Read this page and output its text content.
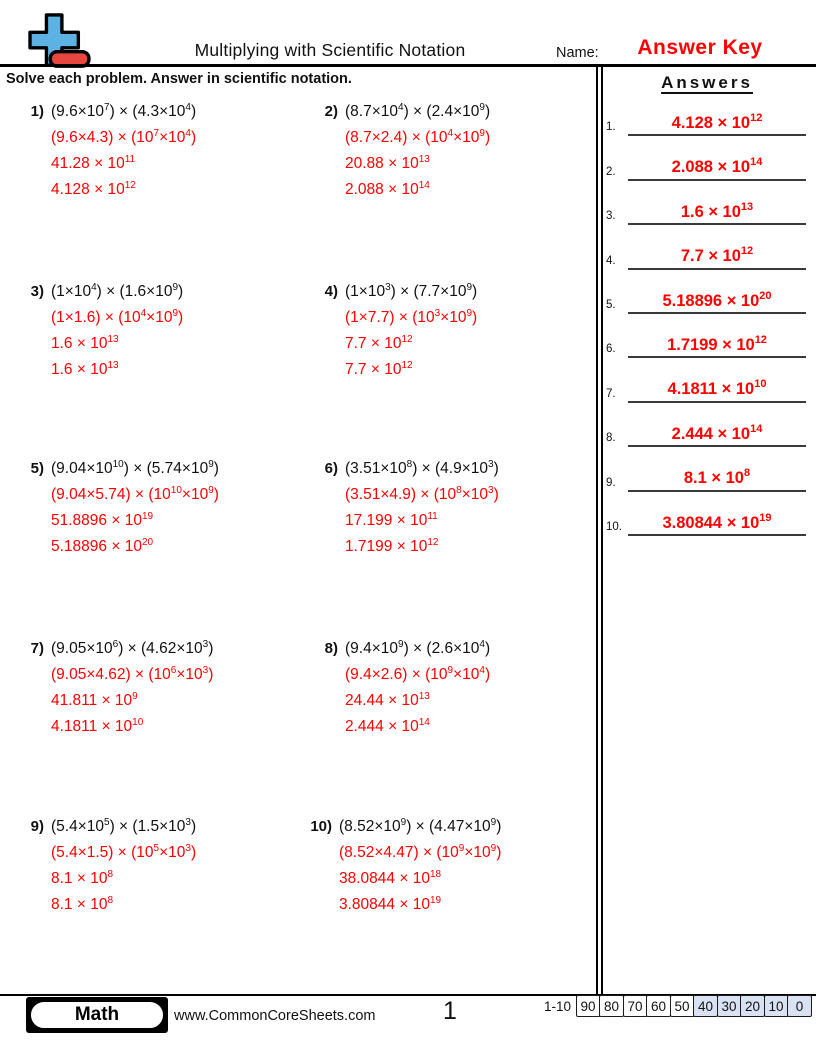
Multiplying with Scientific Notation	Name:	Answer Key
Solve each problem. Answer in scientific notation.	Answers
1.	$4.128 \times 10^{12}$
2.	$2.088 \times 10^{14}$
3.	$1.6 \times 10^{13}$
4.	$7.7 \times 10^{12}$
5.	$5.18896 \times 10^{20}$
6.	$1.7199 \times 10^{12}$
7.	$4.1811 \times 10^{10}$
8.	$2.444 \times 10^{14}$
9.	$8.1 \times 10^8$
10.	$3.80844 \times 10^{19}$
1) $(9.6\times 10^7) \times (4.3\times 10^4)$
$(9.6\times 4.3) \times (10^7\times 10^4)$
$41.28 \times 10^{11}$
$4.128 \times 10^{12}$
2) $(8.7\times 10^4) \times (2.4\times 10^9)$
$(8.7\times 2.4) \times (10^4\times 10^9)$
$20.88 \times 10^{13}$
$2.088 \times 10^{14}$
3) $(1\times 10^4) \times (1.6\times 10^9)$
$(1\times 1.6) \times (10^4\times 10^9)$
$1.6 \times 10^{13}$
$1.6 \times 10^{13}$
4) $(1\times 10^3) \times (7.7\times 10^9)$
$(1\times 7.7) \times (10^3\times 10^9)$
$7.7 \times 10^{12}$
$7.7 \times 10^{12}$
5) $(9.04\times 10^{10}) \times (5.74\times 10^9)$
$(9.04\times 5.74) \times (10^{10}\times 10^9)$
$51.8896 \times 10^{19}$
$5.18896 \times 10^{20}$
6) $(3.51\times 10^8) \times (4.9\times 10^3)$
$(3.51\times 4.9) \times (10^8\times 10^3)$
$17.199 \times 10^{11}$
$1.7199 \times 10^{12}$
7) $(9.05\times 10^6) \times (4.62\times 10^3)$
$(9.05\times 4.62) \times (10^6\times 10^3)$
$41.811 \times 10^9$
$4.1811 \times 10^{10}$
8) $(9.4\times 10^9) \times (2.6\times 10^4)$
$(9.4\times 2.6) \times (10^9\times 10^4)$
$24.44 \times 10^{13}$
$2.444 \times 10^{14}$
9) $(5.4\times 10^5) \times (1.5\times 10^3)$
$(5.4\times 1.5) \times (10^5\times 10^3)$
$8.1 \times 10^8$
$8.1 \times 10^8$
10) $(8.52\times 10^9) \times (4.47\times 10^9)$
$(8.52\times 4.47) \times (10^9\times 10^9)$
$38.0844 \times 10^{18}$
$3.80844 \times 10^{19}$
Math	www.CommonCoreSheets.com	1	1-10 90 80 70 60 50 40 30 20 10 0
